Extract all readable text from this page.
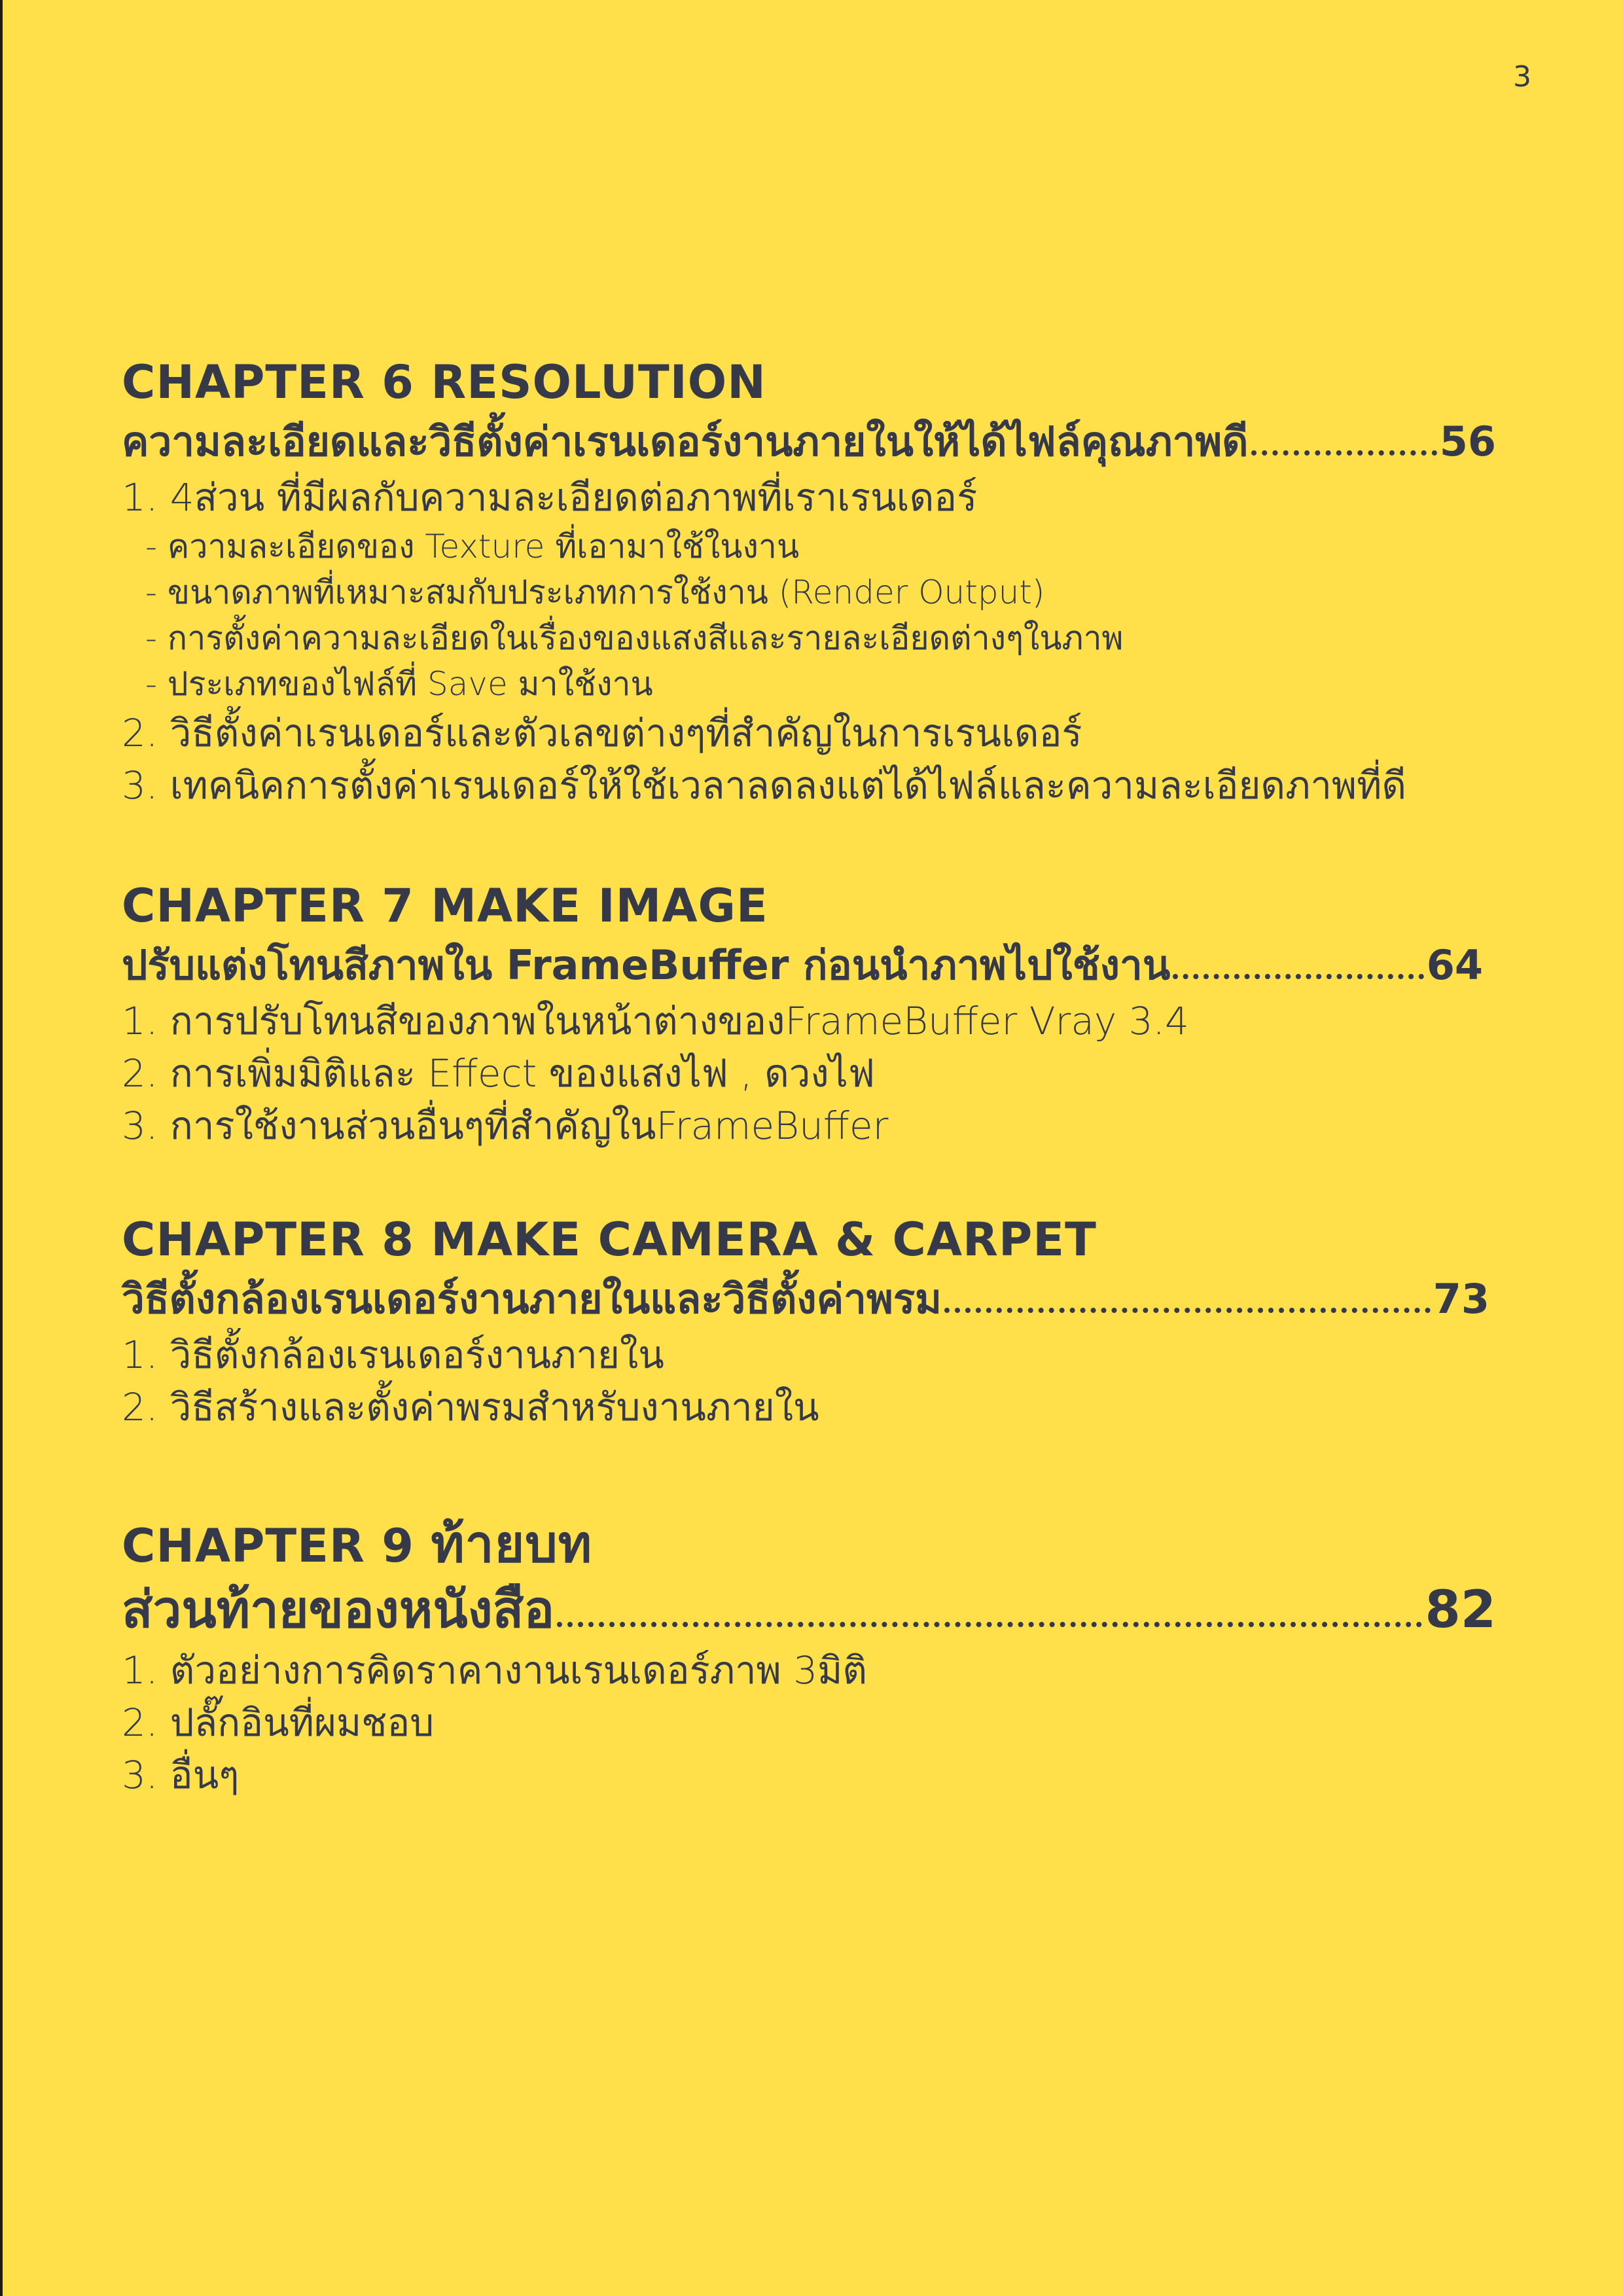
3
CHAPTER 6 RESOLUTION
ความละเอียดและวิธีตั้งค่าเรนเดอร์งานภายในให้ได้ไฟล์คุณภาพดี	56
1. 4ส่วน ที่มีผลกับความละเอียดต่อภาพที่เราเรนเดอร์
- ความละเอียดของ Texture ที่เอามาใช้ในงาน
- ขนาดภาพที่เหมาะสมกับประเภทการใช้งาน (Render Output)
- การตั้งค่าความละเอียดในเรื่องของแสงสีและรายละเอียดต่างๆในภาพ
- ประเภทของไฟล์ที่ Save มาใช้งาน
2. วิธีตั้งค่าเรนเดอร์และตัวเลขต่างๆที่สำคัญในการเรนเดอร์
3. เทคนิคการตั้งค่าเรนเดอร์ให้ใช้เวลาลดลงแต่ได้ไฟล์และความละเอียดภาพที่ดี
CHAPTER 7 MAKE IMAGE
ปรับแต่งโทนสีภาพใน FrameBuffer ก่อนนำภาพไปใช้งาน	64
1. การปรับโทนสีของภาพในหน้าต่างของFrameBuffer Vray 3.4
2. การเพิ่มมิติและ Effect ของแสงไฟ , ดวงไฟ
3. การใช้งานส่วนอื่นๆที่สำคัญในFrameBuffer
CHAPTER 8 MAKE CAMERA & CARPET
วิธีตั้งกล้องเรนเดอร์งานภายในและวิธีตั้งค่าพรม	73
1. วิธีตั้งกล้องเรนเดอร์งานภายใน
2. วิธีสร้างและตั้งค่าพรมสำหรับงานภายใน
CHAPTER 9 ท้ายบท
ส่วนท้ายของหนังสือ	82
1. ตัวอย่างการคิดราคางานเรนเดอร์ภาพ 3มิติ
2. ปลั๊กอินที่ผมชอบ
3. อื่นๆ
